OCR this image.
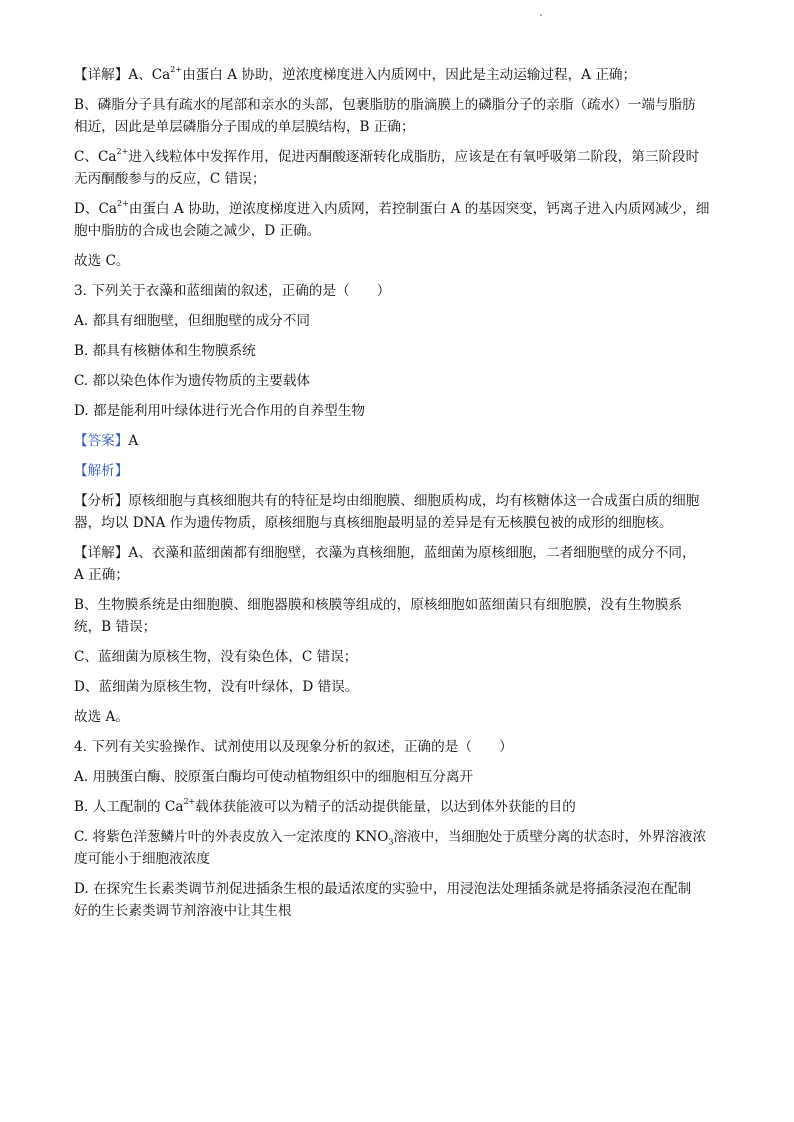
【详解】A、$Ca^{2+}$由蛋白 A 协助，逆浓度梯度进入内质网中，因此是主动运输过程，A 正确；

B、磷脂分子具有疏水的尾部和亲水的头部，包裹脂肪的脂滴膜上的磷脂分子的亲脂（疏水）一端与脂肪

相近，因此是单层磷脂分子围成的单层膜结构，B 正确；

C、$Ca^{2+}$进入线粒体中发挥作用，促进丙酮酸逐渐转化成脂肪，应该是在有氧呼吸第二阶段，第三阶段时

无丙酮酸参与的反应，C 错误；

D、$Ca^{2+}$由蛋白 A 协助，逆浓度梯度进入内质网，若控制蛋白 A 的基因突变，钙离子进入内质网减少，细

胞中脂肪的合成也会随之减少，D 正确。

故选 C。

3. 下列关于衣藻和蓝细菌的叙述，正确的是（　　）

A. 都具有细胞壁，但细胞壁的成分不同

B. 都具有核糖体和生物膜系统

C. 都以染色体作为遗传物质的主要载体

D. 都是能利用叶绿体进行光合作用的自养型生物

【答案】A

【解析】

【分析】原核细胞与真核细胞共有的特征是均由细胞膜、细胞质构成，均有核糖体这一合成蛋白质的细胞

器，均以 DNA 作为遗传物质，原核细胞与真核细胞最明显的差异是有无核膜包被的成形的细胞核。

【详解】A、衣藻和蓝细菌都有细胞壁，衣藻为真核细胞，蓝细菌为原核细胞，二者细胞壁的成分不同，

A 正确；

B、生物膜系统是由细胞膜、细胞器膜和核膜等组成的，原核细胞如蓝细菌只有细胞膜，没有生物膜系

统，B 错误；

C、蓝细菌为原核生物，没有染色体，C 错误；

D、蓝细菌为原核生物，没有叶绿体，D 错误。

故选 A。

4. 下列有关实验操作、试剂使用以及现象分析的叙述，正确的是（　　）

A. 用胰蛋白酶、胶原蛋白酶均可使动植物组织中的细胞相互分离开

B. 人工配制的 $Ca^{2+}$载体获能液可以为精子的活动提供能量，以达到体外获能的目的

C. 将紫色洋葱鳞片叶的外表皮放入一定浓度的 $KNO_3$溶液中，当细胞处于质壁分离的状态时，外界溶液浓

度可能小于细胞液浓度

D. 在探究生长素类调节剂促进插条生根的最适浓度的实验中，用浸泡法处理插条就是将插条浸泡在配制

好的生长素类调节剂溶液中让其生根
